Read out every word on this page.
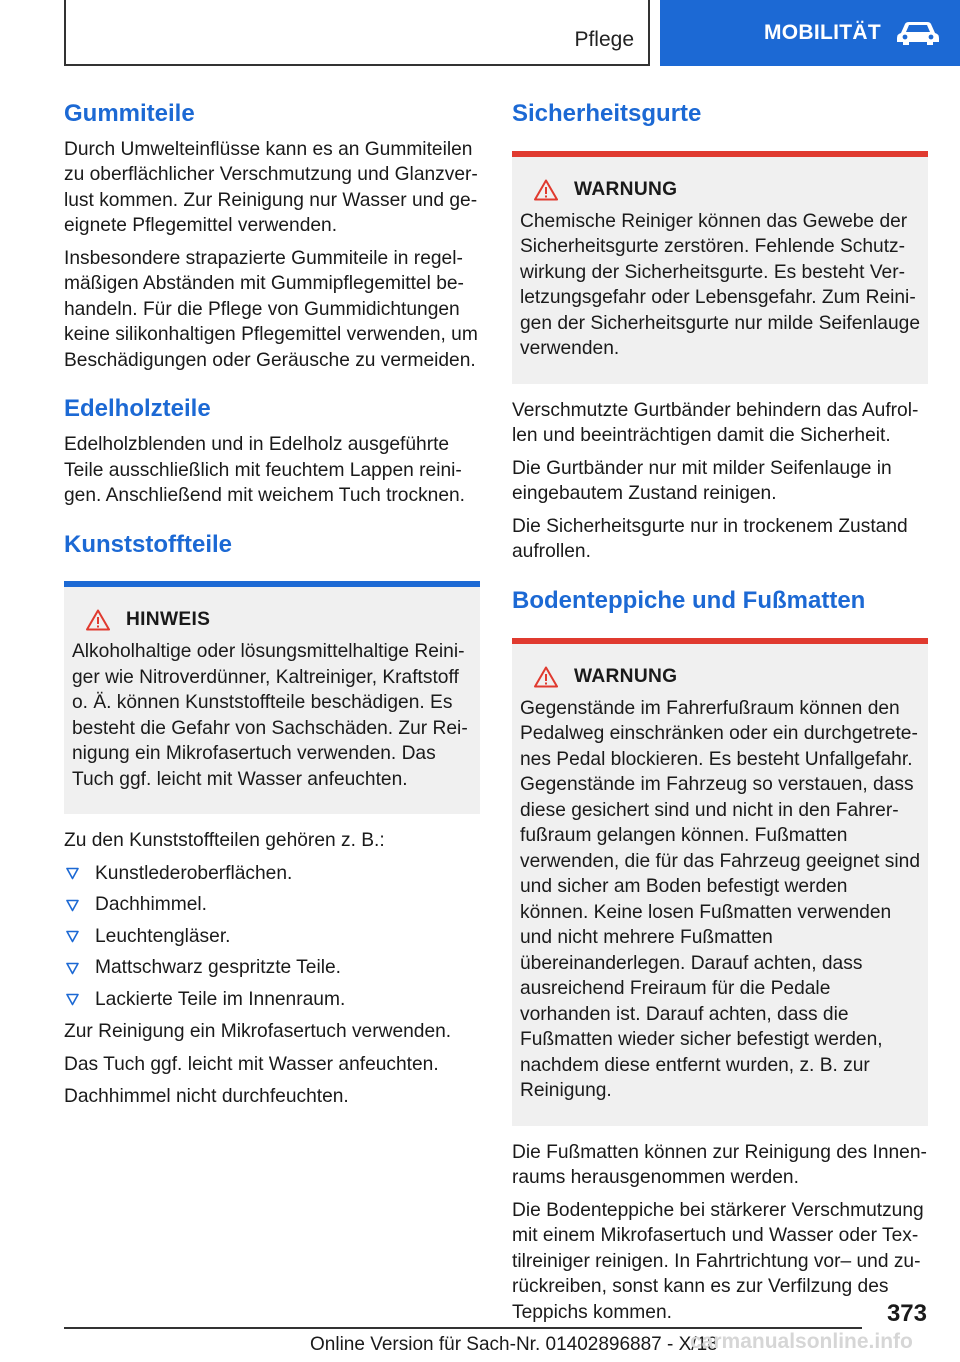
Pflege	MOBILITÄT
Gummiteile

Durch Umwelteinflüsse kann es an Gummiteilen zu oberflächlicher Verschmutzung und Glanzverlust kommen. Zur Reinigung nur Wasser und geeignete Pflegemittel verwenden.

Insbesondere strapazierte Gummiteile in regelmäßigen Abständen mit Gummipflegemittel behandeln. Für die Pflege von Gummidichtungen keine silikonhaltigen Pflegemittel verwenden, um Beschädigungen oder Geräusche zu vermeiden.

Edelholzteile

Edelholzblenden und in Edelholz ausgeführte Teile ausschließlich mit feuchtem Lappen reinigen. Anschließend mit weichem Tuch trocknen.

Kunststoffteile
HINWEIS

Alkoholhaltige oder lösungsmittelhaltige Reiniger wie Nitroverdünner, Kaltreiniger, Kraftstoff o. Ä. können Kunststoffteile beschädigen. Es besteht die Gefahr von Sachschäden. Zur Reinigung ein Mikrofasertuch verwenden. Das Tuch ggf. leicht mit Wasser anfeuchten.

Zu den Kunststoffteilen gehören z. B.:

Kunstlederoberflächen.
Dachhimmel.
Leuchtengläser.
Mattschwarz gespritzte Teile.
Lackierte Teile im Innenraum.

Zur Reinigung ein Mikrofasertuch verwenden.

Das Tuch ggf. leicht mit Wasser anfeuchten.

Dachhimmel nicht durchfeuchten.

Sicherheitsgurte
WARNUNG

Chemische Reiniger können das Gewebe der Sicherheitsgurte zerstören. Fehlende Schutzwirkung der Sicherheitsgurte. Es besteht Verletzungsgefahr oder Lebensgefahr. Zum Reinigen der Sicherheitsgurte nur milde Seifenlauge verwenden.

Verschmutzte Gurtbänder behindern das Aufrollen und beeinträchtigen damit die Sicherheit.

Die Gurtbänder nur mit milder Seifenlauge in eingebautem Zustand reinigen.

Die Sicherheitsgurte nur in trockenem Zustand aufrollen.

Bodenteppiche und Fußmatten
WARNUNG

Gegenstände im Fahrerfußraum können den Pedalweg einschränken oder ein durchgetretenes Pedal blockieren. Es besteht Unfallgefahr. Gegenstände im Fahrzeug so verstauen, dass diese gesichert sind und nicht in den Fahrerfußraum gelangen können. Fußmatten verwenden, die für das Fahrzeug geeignet sind und sicher am Boden befestigt werden können. Keine losen Fußmatten verwenden und nicht mehrere Fußmatten übereinanderlegen. Darauf achten, dass ausreichend Freiraum für die Pedale vorhanden ist. Darauf achten, dass die Fußmatten wieder sicher befestigt werden, nachdem diese entfernt wurden, z. B. zur Reinigung.

Die Fußmatten können zur Reinigung des Innenraums herausgenommen werden.

Die Bodenteppiche bei stärkerer Verschmutzung mit einem Mikrofasertuch und Wasser oder Textilreiniger reinigen. In Fahrtrichtung vor– und zurückreiben, sonst kann es zur Verfilzung des Teppichs kommen.	373
Online Version für Sach-Nr. 01402896887 - X/18
carmanualsonline.info
